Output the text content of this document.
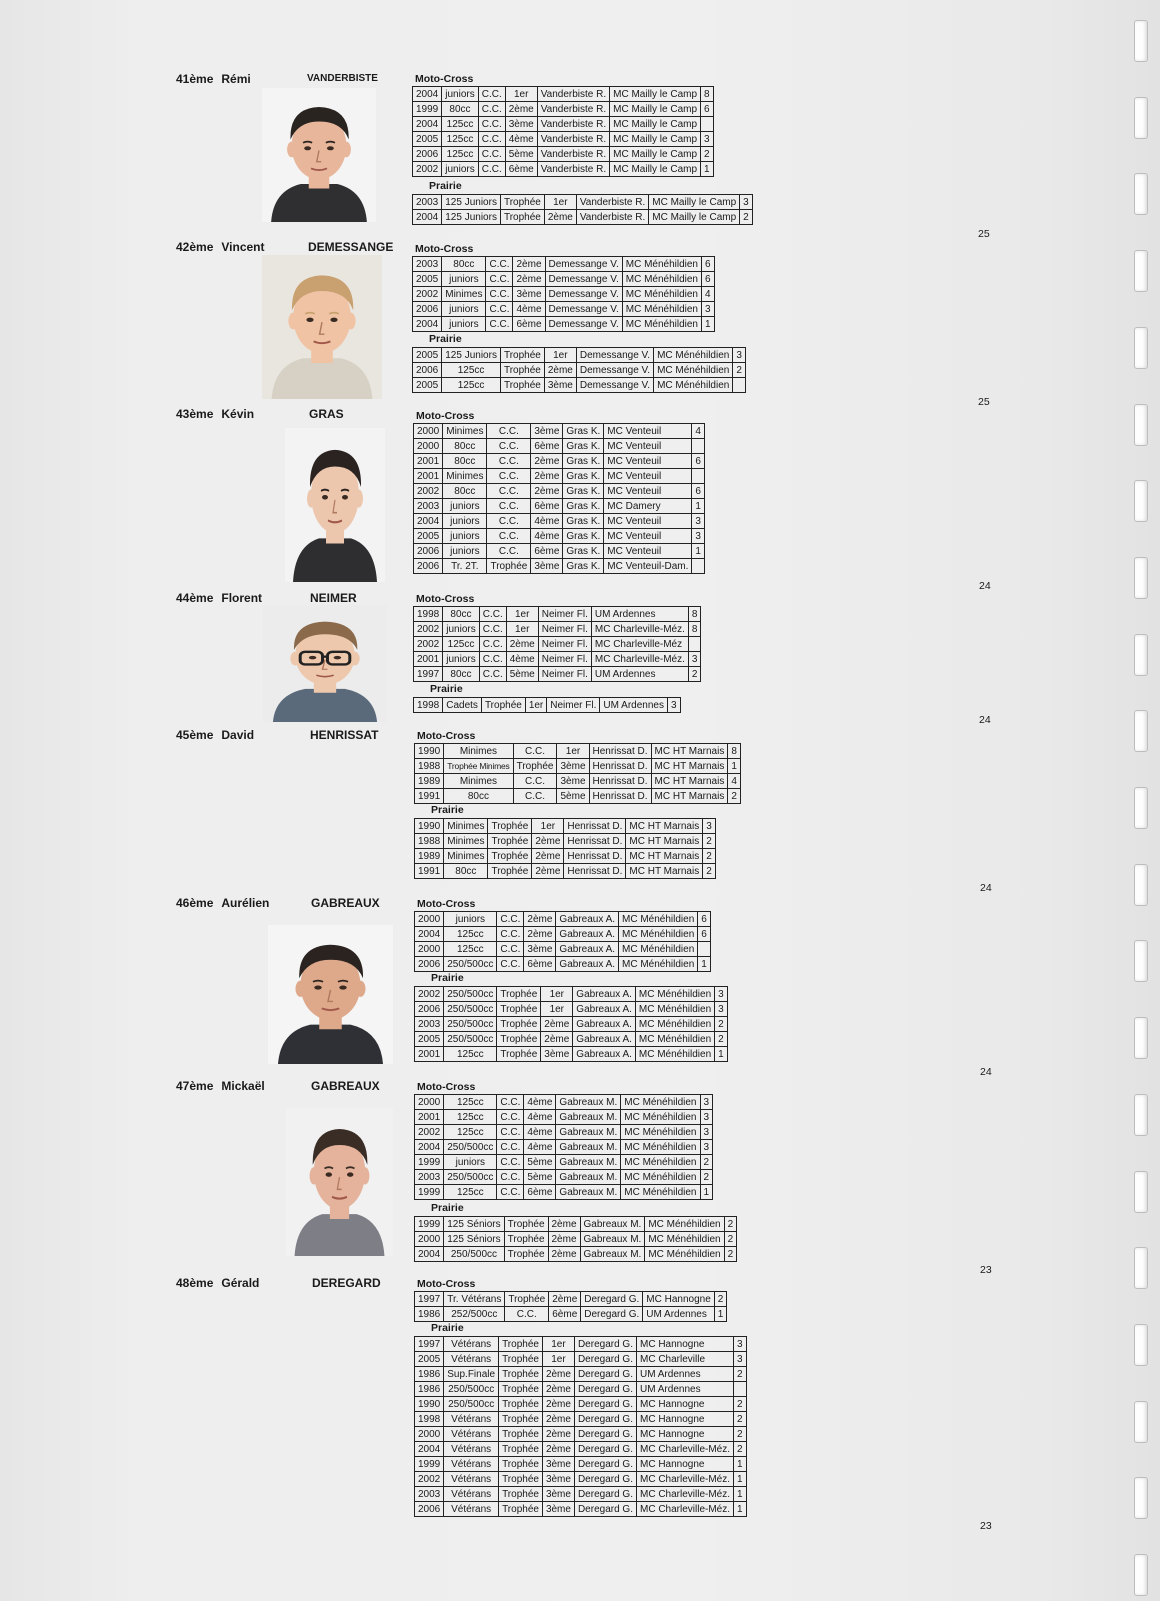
41ème Rémi	VANDERBISTE	Moto-Cross
2004	juniors	C.C.	1er	Vanderbiste R.	MC Mailly le Camp	8
1999	80cc	C.C.	2ème	Vanderbiste R.	MC Mailly le Camp	6
2004	125cc	C.C.	3ème	Vanderbiste R.	MC Mailly le Camp	
2005	125cc	C.C.	4ème	Vanderbiste R.	MC Mailly le Camp	3
2006	125cc	C.C.	5ème	Vanderbiste R.	MC Mailly le Camp	2
2002	juniors	C.C.	6ème	Vanderbiste R.	MC Mailly le Camp	1
Prairie
2003	125 Juniors	Trophée	1er	Vanderbiste R.	MC Mailly le Camp	3
2004	125 Juniors	Trophée	2ème	Vanderbiste R.	MC Mailly le Camp	2
25
42ème Vincent	DEMESSANGE Moto-Cross
2003	80cc	C.C.	2ème	Demessange V.	MC Ménéhildien	6
2005	juniors	C.C.	2ème	Demessange V.	MC Ménéhildien	6
2002	Minimes	C.C.	3ème	Demessange V.	MC Ménéhildien	4
2006	juniors	C.C.	4ème	Demessange V.	MC Ménéhildien	3
2004	juniors	C.C.	6ème	Demessange V.	MC Ménéhildien	1
Prairie
2005	125 Juniors	Trophée	1er	Demessange V.	MC Ménéhildien	3
2006	125cc	Trophée	2ème	Demessange V.	MC Ménéhildien	2
2005	125cc	Trophée	3ème	Demessange V.	MC Ménéhildien	
25
43ème Kévin	GRAS	Moto-Cross
2000	Minimes	C.C.	3ème	Gras K.	MC Venteuil	4
2000	80cc	C.C.	6ème	Gras K.	MC Venteuil	
2001	80cc	C.C.	2ème	Gras K.	MC Venteuil	6
2001	Minimes	C.C.	2ème	Gras K.	MC Venteuil	
2002	80cc	C.C.	2ème	Gras K.	MC Venteuil	6
2003	juniors	C.C.	6ème	Gras K.	MC Damery	1
2004	juniors	C.C.	4ème	Gras K.	MC Venteuil	3
2005	juniors	C.C.	4ème	Gras K.	MC Venteuil	3
2006	juniors	C.C.	6ème	Gras K.	MC Venteuil	1
2006	Tr. 2T.	Trophée	3ème	Gras K.	MC Venteuil-Dam.	
24
44ème Florent	NEIMER	Moto-Cross
1998	80cc	C.C.	1er	Neimer Fl.	UM Ardennes	8
2002	juniors	C.C.	1er	Neimer Fl.	MC Charleville-Méz.	8
2002	125cc	C.C.	2ème	Neimer Fl.	MC Charleville-Méz	
2001	juniors	C.C.	4ème	Neimer Fl.	MC Charleville-Méz.	3
1997	80cc	C.C.	5ème	Neimer Fl.	UM Ardennes	2
Prairie
1998	Cadets	Trophée	1er	Neimer Fl.	UM Ardennes	3
24
45ème David	HENRISSAT	Moto-Cross
1990	Minimes	C.C.	1er	Henrissat D.	MC HT Marnais	8
1988	Trophée Minimes	Trophée	3ème	Henrissat D.	MC HT Marnais	1
1989	Minimes	C.C.	3ème	Henrissat D.	MC HT Marnais	4
1991	80cc	C.C.	5ème	Henrissat D.	MC HT Marnais	2
Prairie
1990	Minimes	Trophée	1er	Henrissat D.	MC HT Marnais	3
1988	Minimes	Trophée	2ème	Henrissat D.	MC HT Marnais	2
1989	Minimes	Trophée	2ème	Henrissat D.	MC HT Marnais	2
1991	80cc	Trophée	2ème	Henrissat D.	MC HT Marnais	2
24
46ème Aurélien	GABREAUX	Moto-Cross
2000	juniors	C.C.	2ème	Gabreaux A.	MC Ménéhildien	6
2004	125cc	C.C.	2ème	Gabreaux A.	MC Ménéhildien	6
2000	125cc	C.C.	3ème	Gabreaux A.	MC Ménéhildien	
2006	250/500cc	C.C.	6ème	Gabreaux A.	MC Ménéhildien	1
Prairie
2002	250/500cc	Trophée	1er	Gabreaux A.	MC Ménéhildien	3
2006	250/500cc	Trophée	1er	Gabreaux A.	MC Ménéhildien	3
2003	250/500cc	Trophée	2ème	Gabreaux A.	MC Ménéhildien	2
2005	250/500cc	Trophée	2ème	Gabreaux A.	MC Ménéhildien	2
2001	125cc	Trophée	3ème	Gabreaux A.	MC Ménéhildien	1
24
47ème Mickaël	GABREAUX	Moto-Cross
2000	125cc	C.C.	4ème	Gabreaux M.	MC Ménéhildien	3
2001	125cc	C.C.	4ème	Gabreaux M.	MC Ménéhildien	3
2002	125cc	C.C.	4ème	Gabreaux M.	MC Ménéhildien	3
2004	250/500cc	C.C.	4ème	Gabreaux M.	MC Ménéhildien	3
1999	juniors	C.C.	5ème	Gabreaux M.	MC Ménéhildien	2
2003	250/500cc	C.C.	5ème	Gabreaux M.	MC Ménéhildien	2
1999	125cc	C.C.	6ème	Gabreaux M.	MC Ménéhildien	1
Prairie
1999	125 Séniors	Trophée	2ème	Gabreaux M.	MC Ménéhildien	2
2000	125 Séniors	Trophée	2ème	Gabreaux M.	MC Ménéhildien	2
2004	250/500cc	Trophée	2ème	Gabreaux M.	MC Ménéhildien	2
23
48ème Gérald	DEREGARD	Moto-Cross
1997	Tr. Vétérans	Trophée	2ème	Deregard G.	MC Hannogne	2
1986	252/500cc	C.C.	6ème	Deregard G.	UM Ardennes	1
Prairie
1997	Vétérans	Trophée	1er	Deregard G.	MC Hannogne	3
2005	Vétérans	Trophée	1er	Deregard G.	MC Charleville	3
1986	Sup.Finale	Trophée	2ème	Deregard G.	UM Ardennes	2
1986	250/500cc	Trophée	2ème	Deregard G.	UM Ardennes	
1990	250/500cc	Trophée	2ème	Deregard G.	MC Hannogne	2
1998	Vétérans	Trophée	2ème	Deregard G.	MC Hannogne	2
2000	Vétérans	Trophée	2ème	Deregard G.	MC Hannogne	2
2004	Vétérans	Trophée	2ème	Deregard G.	MC Charleville-Méz.	2
1999	Vétérans	Trophée	3ème	Deregard G.	MC Hannogne	1
2002	Vétérans	Trophée	3ème	Deregard G.	MC Charleville-Méz.	1
2003	Vétérans	Trophée	3ème	Deregard G.	MC Charleville-Méz.	1
2006	Vétérans	Trophée	3ème	Deregard G.	MC Charleville-Méz.	1
23
